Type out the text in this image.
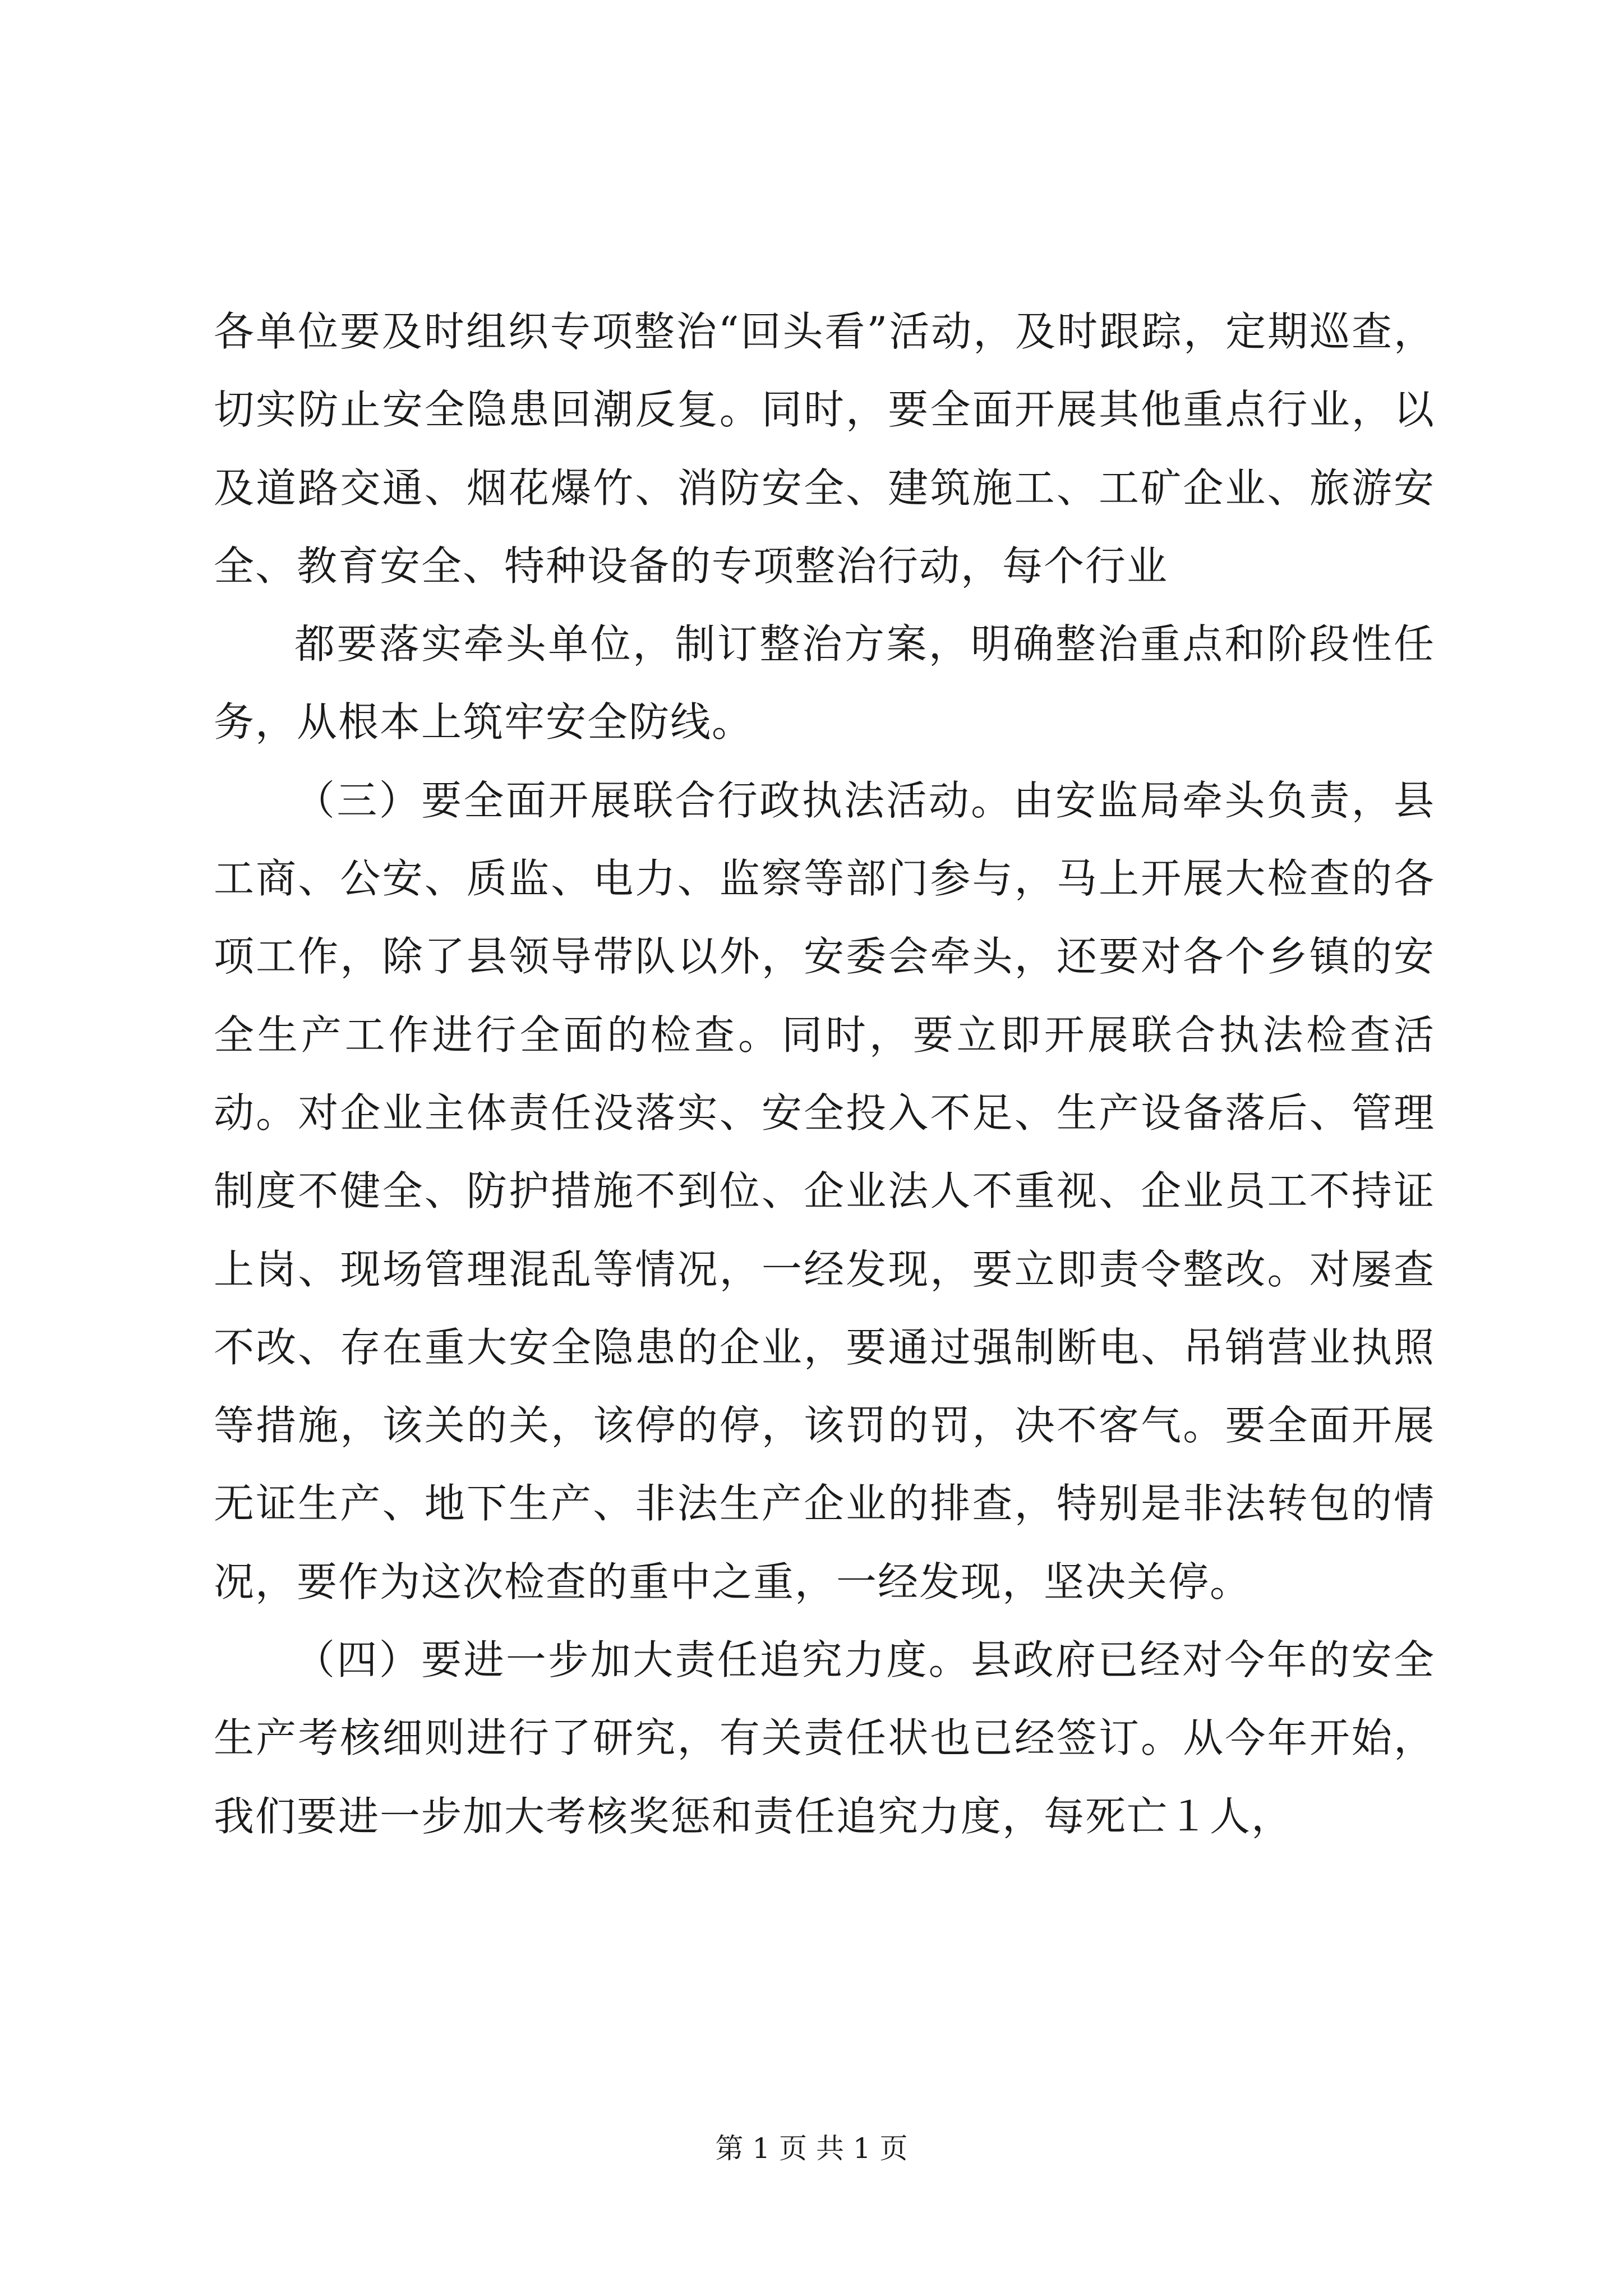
各单位要及时组织专项整治“回头看”活动，及时跟踪，定期巡查，切实防止安全隐患回潮反复。同时，要全面开展其他重点行业，以及道路交通、烟花爆竹、消防安全、建筑施工、工矿企业、旅游安全、教育安全、特种设备的专项整治行动，每个行业

都要落实牵头单位，制订整治方案，明确整治重点和阶段性任务，从根本上筑牢安全防线。

（三）要全面开展联合行政执法活动。由安监局牵头负责，县工商、公安、质监、电力、监察等部门参与，马上开展大检查的各项工作，除了县领导带队以外，安委会牵头，还要对各个乡镇的安全生产工作进行全面的检查。同时，要立即开展联合执法检查活动。对企业主体责任没落实、安全投入不足、生产设备落后、管理制度不健全、防护措施不到位、企业法人不重视、企业员工不持证上岗、现场管理混乱等情况，一经发现，要立即责令整改。对屡查不改、存在重大安全隐患的企业，要通过强制断电、吊销营业执照等措施，该关的关，该停的停，该罚的罚，决不客气。要全面开展无证生产、地下生产、非法生产企业的排查，特别是非法转包的情况，要作为这次检查的重中之重，一经发现，坚决关停。

（四）要进一步加大责任追究力度。县政府已经对今年的安全生产考核细则进行了研究，有关责任状也已经签订。从今年开始，我们要进一步加大考核奖惩和责任追究力度，每死亡１人，

第 1 页 共 1 页
